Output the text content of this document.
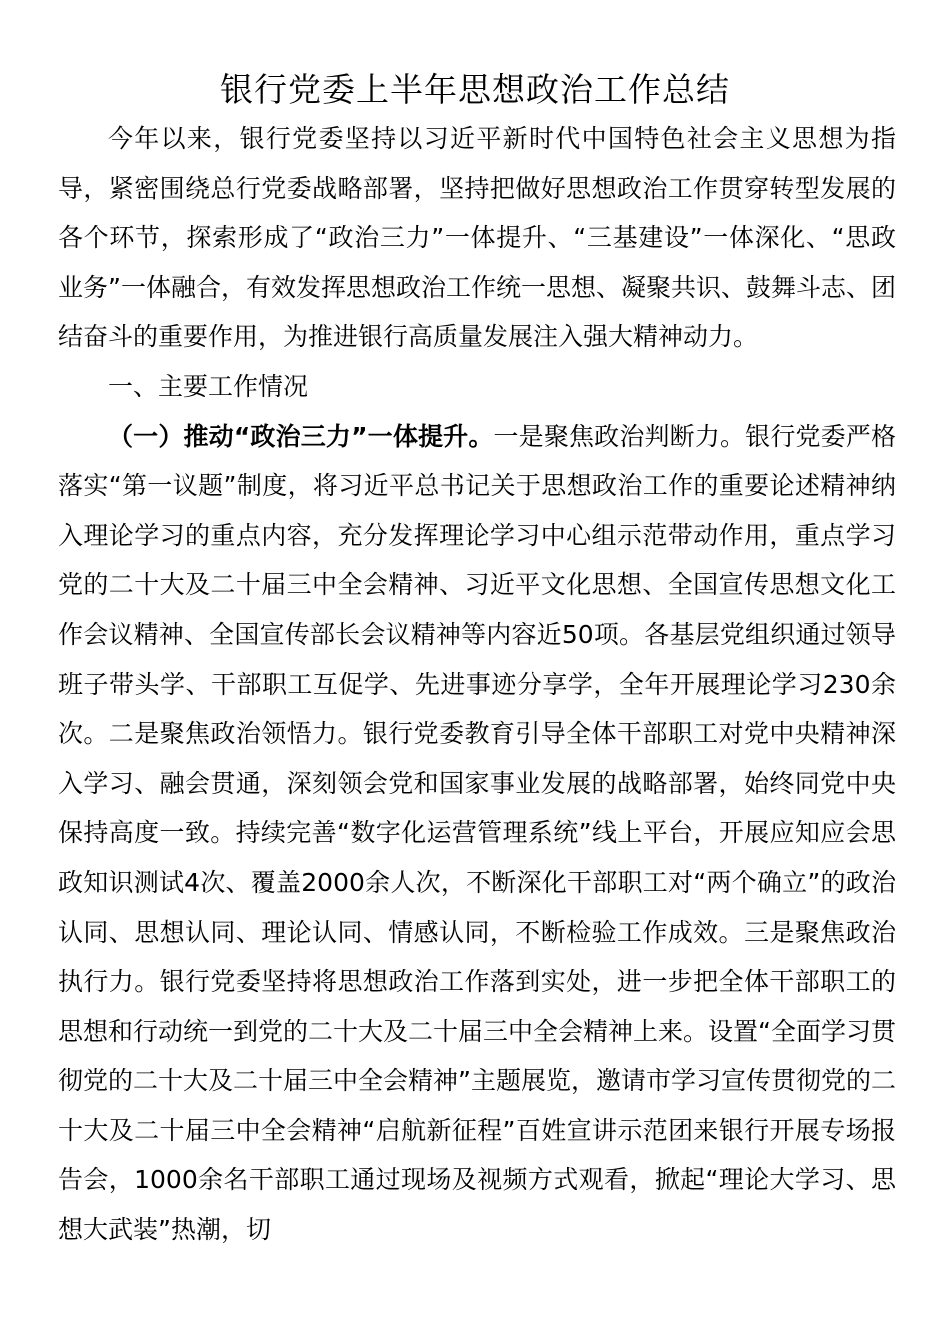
银行党委上半年思想政治工作总结

今年以来，银行党委坚持以习近平新时代中国特色社会主义思想为指导，紧密围绕总行党委战略部署，坚持把做好思想政治工作贯穿转型发展的各个环节，探索形成了“政治三力”一体提升、“三基建设”一体深化、“思政业务”一体融合，有效发挥思想政治工作统一思想、凝聚共识、鼓舞斗志、团结奋斗的重要作用，为推进银行高质量发展注入强大精神动力。

一、主要工作情况

（一）推动“政治三力”一体提升。一是聚焦政治判断力。银行党委严格落实“第一议题”制度，将习近平总书记关于思想政治工作的重要论述精神纳入理论学习的重点内容，充分发挥理论学习中心组示范带动作用，重点学习党的二十大及二十届三中全会精神、习近平文化思想、全国宣传思想文化工作会议精神、全国宣传部长会议精神等内容近50项。各基层党组织通过领导班子带头学、干部职工互促学、先进事迹分享学，全年开展理论学习230余次。二是聚焦政治领悟力。银行党委教育引导全体干部职工对党中央精神深入学习、融会贯通，深刻领会党和国家事业发展的战略部署，始终同党中央保持高度一致。持续完善“数字化运营管理系统”线上平台，开展应知应会思政知识测试4次、覆盖2000余人次，不断深化干部职工对“两个确立”的政治认同、思想认同、理论认同、情感认同，不断检验工作成效。三是聚焦政治执行力。银行党委坚持将思想政治工作落到实处，进一步把全体干部职工的思想和行动统一到党的二十大及二十届三中全会精神上来。设置“全面学习贯彻党的二十大及二十届三中全会精神”主题展览，邀请市学习宣传贯彻党的二十大及二十届三中全会精神“启航新征程”百姓宣讲示范团来银行开展专场报告会，1000余名干部职工通过现场及视频方式观看，掀起“理论大学习、思想大武装”热潮，切
